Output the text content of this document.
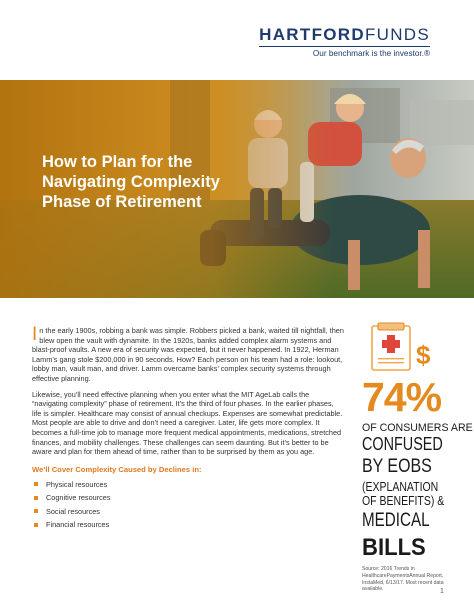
HARTFORDFUNDS
Our benchmark is the investor.®
How to Plan for the
Navigating Complexity
Phase of Retirement

In the early 1900s, robbing a bank was simple. Robbers picked a bank, waited till nightfall, then blew open the vault with dynamite. In the 1920s, banks added complex alarm systems and blast-proof vaults. A new era of security was expected, but it never happened. In 1922, Herman Lamm’s gang stole $200,000 in 90 seconds. How? Each person on his team had a role: lookout, lobby man, vault man, and driver. Lamm overcame banks’ complex security systems through effective planning.

Likewise, you’ll need effective planning when you enter what the MIT AgeLab calls the “navigating complexity” phase of retirement. It’s the third of four phases. In the earlier phases, life is simpler. Healthcare may consist of annual checkups. Expenses are somewhat predictable. Most people are able to drive and don’t need a caregiver. Later, life gets more complex. It becomes a full-time job to manage more frequent medical appointments, medications, stretched finances, and mobility challenges. These challenges can seem daunting. But it’s better to be aware and plan for them ahead of time, rather than to be surprised by them as you age.

We’ll Cover Complexity Caused by Declines in:
Physical resources
Cognitive resources
Social resources
Financial resources
$
74%
OF CONSUMERS ARE
CONFUSED
BY EOBS
(EXPLANATION
OF BENEFITS) &
MEDICAL
BILLS
Source: 2016 Trends in HealthcarePaymentsAnnual Report, InstaMed, 6/13/17. Most recent data available.	1
